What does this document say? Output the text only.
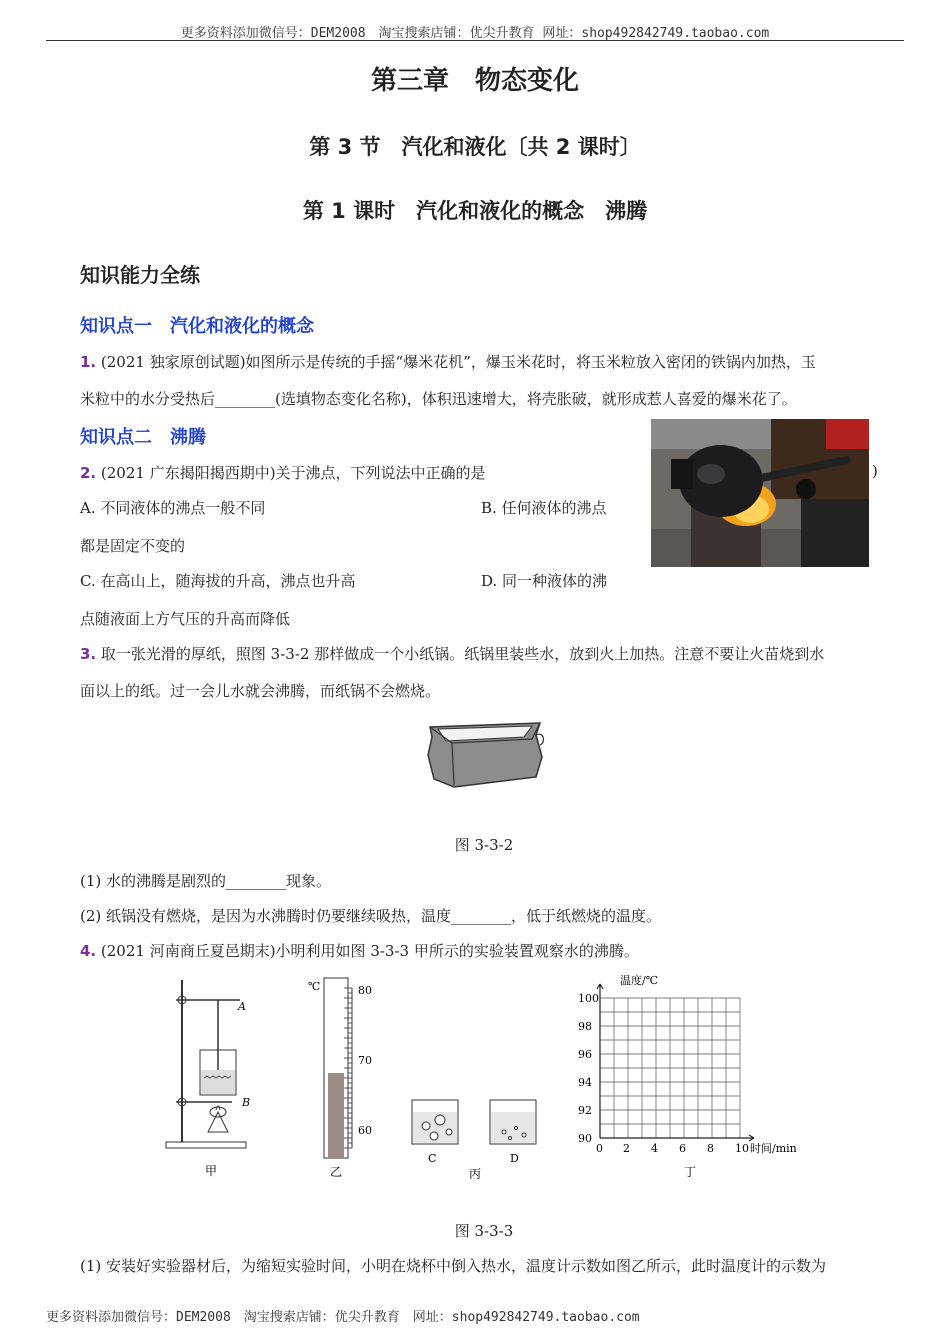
更多资料添加微信号：DEM2008　淘宝搜索店铺：优尖升教育 网址：shop492842749.taobao.com
第三章　物态变化
第 3 节　汽化和液化〔共 2 课时〕
第 1 课时　汽化和液化的概念　沸腾
知识能力全练
知识点一　汽化和液化的概念
1. (2021 独家原创试题)如图所示是传统的手摇“爆米花机”，爆玉米花时，将玉米粒放入密闭的铁锅内加热，玉
米粒中的水分受热后________(选填物态变化名称)，体积迅速增大，将壳胀破，就形成惹人喜爱的爆米花了。
知识点二　沸腾
2. (2021 广东揭阳揭西期中)关于沸点，下列说法中正确的是	)
A. 不同液体的沸点一般不同	B. 任何液体的沸点
都是固定不变的
C. 在高山上，随海拔的升高，沸点也升高	D. 同一种液体的沸
点随液面上方气压的升高而降低
3. 取一张光滑的厚纸，照图 3-3-2 那样做成一个小纸锅。纸锅里装些水，放到火上加热。注意不要让火苗烧到水
面以上的纸。过一会儿水就会沸腾，而纸锅不会燃烧。
图 3-3-2
(1) 水的沸腾是剧烈的________现象。
(2) 纸锅没有燃烧，是因为水沸腾时仍要继续吸热，温度________，低于纸燃烧的温度。
4. (2021 河南商丘夏邑期末)小明利用如图 3-3-3 甲所示的实验装置观察水的沸腾。
A
B
甲
℃	80
70
60
乙
C	D
丙
温度/℃
100
98
96
94
92
90
0 2 4 6 8 10 时间/min
丁
图 3-3-3
(1) 安装好实验器材后，为缩短实验时间，小明在烧杯中倒入热水，温度计示数如图乙所示，此时温度计的示数为
更多资料添加微信号：DEM2008　淘宝搜索店铺：优尖升教育　网址：shop492842749.taobao.com
